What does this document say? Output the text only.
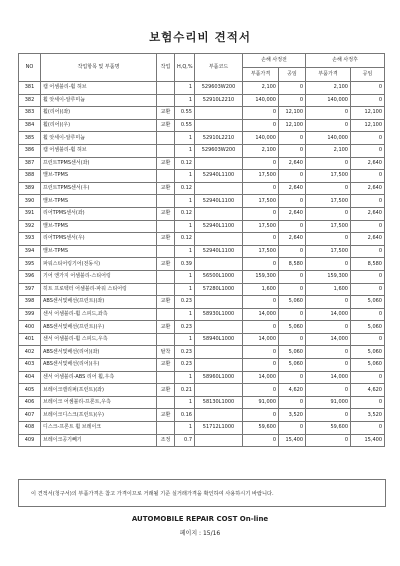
보험수리비 견적서
NO	작업항목 및 부품명	작업	H,Q,%	부품코드	손해 사정전		손해 사정후	
					부품가격	공임	부품가격	공임
381	캡 어셈블리-휠 허브		1	529603W200	2,100	0	2,100	0
382	휠 앗세이-알루미늄		1	52910L2210	140,000	0	140,000	0
383	휠(리어)(좌)	교환	0.55		0	12,100	0	12,100
384	휠(리어)(우)	교환	0.55		0	12,100	0	12,100
385	휠 앗세이-알루미늄		1	52910L2210	140,000	0	140,000	0
386	캡 어셈블리-휠 허브		1	529603W200	2,100	0	2,100	0
387	프런트TPMS센서(좌)	교환	0.12		0	2,640	0	2,640
388	밸브-TPMS		1	52940L1100	17,500	0	17,500	0
389	프런트TPMS센서(우)	교환	0.12		0	2,640	0	2,640
390	밸브-TPMS		1	52940L1100	17,500	0	17,500	0
391	리어TPMS센서(좌)	교환	0.12		0	2,640	0	2,640
392	밸브-TPMS		1	52940L1100	17,500	0	17,500	0
393	리어TPMS센서(우)	교환	0.12		0	2,640	0	2,640
394	밸브-TPMS		1	52940L1100	17,500	0	17,500	0
395	파워스티어링기어(전동식)	교환	0.39		0	8,580	0	8,580
396	기어 앤가지 어셈블리-스티어링		1	56500L1000	159,300	0	159,300	0
397	히트 프로텍터 어셈블리-파워 스티어링		1	57280L1000	1,600	0	1,600	0
398	ABS센서및배선(프런트)(좌)	교환	0.23		0	5,060	0	5,060
399	센서 어셈블리-휠 스피드,좌측		1	58930L1000	14,000	0	14,000	0
400	ABS센서및배선(프런트)(우)	교환	0.23		0	5,060	0	5,060
401	센서 어셈블리-휠 스피드,우측		1	58940L1000	14,000	0	14,000	0
402	ABS센서및배선(리어)(좌)	탈착	0.23		0	5,060	0	5,060
403	ABS센서및배선(리어)(우)	교환	0.23		0	5,060	0	5,060
404	센서 어셈블리-ABS 리어 휠,우측		1	58960L1000	14,000	0	14,000	0
405	브레이크캘리퍼(프런트)(좌)	교환	0.21		0	4,620	0	4,620
406	브레이크 어셈블리-프론트,우측		1	58130L1000	91,000	0	91,000	0
407	브레이크디스크(프런트)(우)	교환	0.16		0	3,520	0	3,520
408	디스크-프론트 휠 브레이크		1	51712L1000	59,600	0	59,600	0
409	브레이크공기빼기	조정	0.7		0	15,400	0	15,400
이 견적서(청구서)의 부품가격은 참고 가격이므로 거래될 기준 실거래가격을 확인하여 사용하시기 바랍니다.
AUTOMOBILE REPAIR COST On-line
페이지 : 15/16
